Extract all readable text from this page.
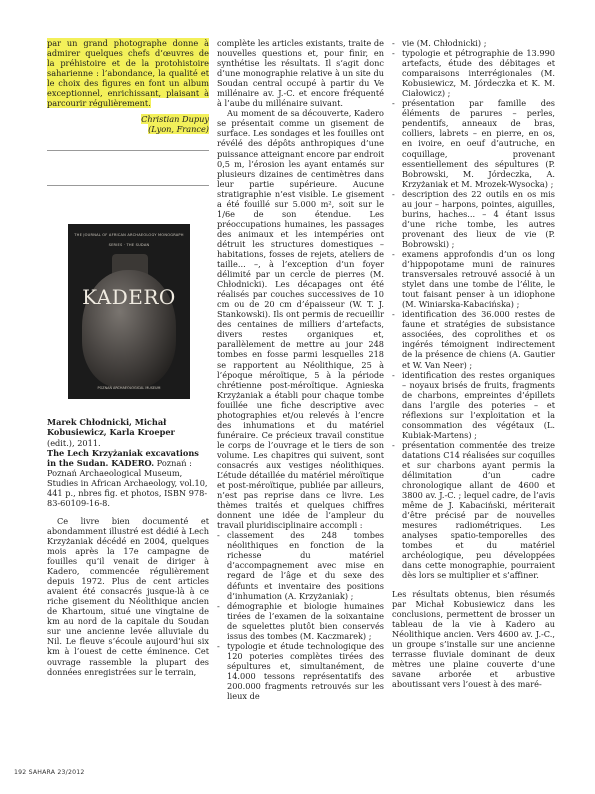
par un grand photographe donne à admirer quelques chefs d’œuvres de la préhistoire et de la protohistoire saharienne : l’abondance, la qualité et le choix des figures en font un album exceptionnel, enrichissant, plaisant à parcourir régulièrement.

Christian Dupuy
(Lyon, France)
THE JOURNAL OF AFRICAN ARCHAEOLOGY MONOGRAPH SERIES · THE SUDAN
KADERO
POZNAŃ ARCHAEOLOGICAL MUSEUM

Marek Chłodnicki, Michał Kobusiewicz, Karla Kroeper
(edit.), 2011.
The Lech Krzyżaniak excavations in the Sudan. KADERO. Poznań : Poznań Archaeological Museum, Studies in African Archaeology, vol.10, 441 p., nbres fig. et photos, ISBN 978-83-60109-16-8.

Ce livre bien documenté et abondamment illustré est dédié à Lech Krzyżaniak décédé en 2004, quelques mois après la 17e campagne de fouilles qu’il venait de diriger à Kadero, commencée régulièrement depuis 1972. Plus de cent articles avaient été consacrés jusque-là à ce riche gisement du Néolithique ancien de Khartoum, situé une vingtaine de km au nord de la capitale du Soudan sur une ancienne levée alluviale du Nil. Le fleuve s’écoule aujourd’hui six km à l’ouest de cette éminence. Cet ouvrage rassemble la plupart des données enregistrées sur le terrain,

complète les articles existants, traite de nouvelles questions et, pour finir, en synthétise les résultats. Il s’agit donc d’une monographie relative à un site du Soudan central occupé à partir du Ve millénaire av. J.-C. et encore fréquenté à l’aube du millénaire suivant.

Au moment de sa découverte, Kadero se présentait comme un gisement de surface. Les sondages et les fouilles ont révélé des dépôts anthropiques d’une puissance atteignant encore par endroit 0,5 m, l’érosion les ayant entamés sur plusieurs dizaines de centimètres dans leur partie supérieure. Aucune stratigraphie n’est visible. Le gisement a été fouillé sur 5.000 m², soit sur le 1/6e de son étendue. Les préoccupations humaines, les passages des animaux et les intempéries ont détruit les structures domestiques – habitations, fosses de rejets, ateliers de taille... –, à l’exception d’un foyer délimité par un cercle de pierres (M. Chłodnicki). Les décapages ont été réalisés par couches successives de 10 cm ou de 20 cm d’épaisseur (W. T. J. Stankowski). Ils ont permis de recueillir des centaines de milliers d’artefacts, divers restes organiques et, parallèlement de mettre au jour 248 tombes en fosse parmi lesquelles 218 se rapportent au Néolithique, 25 à l’époque méroïtique, 5 à la période chrétienne post-méroïtique. Agnieska Krzyżaniak a établi pour chaque tombe fouillée une fiche descriptive avec photographies et/ou relevés à l’encre des inhumations et du matériel funéraire. Ce précieux travail constitue le corps de l’ouvrage et le tiers de son volume. Les chapitres qui suivent, sont consacrés aux vestiges néolithiques. L’étude détaillée du matériel méroïtique et post-méroïtique, publiée par ailleurs, n’est pas reprise dans ce livre. Les thèmes traités et quelques chiffres donnent une idée de l’ampleur du travail pluridisciplinaire accompli :

- classement des 248 tombes néolithiques en fonction de la richesse du matériel d’accompagnement avec mise en regard de l’âge et du sexe des défunts et inventaire des positions d’inhumation (A. Krzyżaniak) ;
- démographie et biologie humaines tirées de l’examen de la soixantaine de squelettes plutôt bien conservés issus des tombes (M. Kaczmarek) ;
- typologie et étude technologique des 120 poteries complètes tirées des sépultures et, simultanément, de 14.000 tessons représentatifs des 200.000 fragments retrouvés sur les lieux de
- vie (M. Chłodnicki) ;
- typologie et pétrographie de 13.990 artefacts, étude des débitages et comparaisons interrégionales (M. Kobusiewicz, M. Jórdeczka et K. M. Ciałowicz) ;
- présentation par famille des éléments de parures – perles, pendentifs, anneaux de bras, colliers, labrets – en pierre, en os, en ivoire, en oeuf d’autruche, en coquillage, provenant essentiellement des sépultures (P. Bobrowski, M. Jórdeczka, A. Krzyżaniak et M. Mrozek-Wysocka) ;
- description des 22 outils en os mis au jour – harpons, pointes, aiguilles, burins, haches... – 4 étant issus d’une riche tombe, les autres provenant des lieux de vie (P. Bobrowski) ;
- examens approfondis d’un os long d’hippopotame muni de rainures transversales retrouvé associé à un stylet dans une tombe de l’élite, le tout faisant penser à un idiophone (M. Winiarska-Kabacińska) ;
- identification des 36.000 restes de faune et stratégies de subsistance associées, des coprolithes et os ingérés témoignent indirectement de la présence de chiens (A. Gautier et W. Van Neer) ;
- identification des restes organiques – noyaux brisés de fruits, fragments de charbons, empreintes d’épillets dans l’argile des poteries – et réflexions sur l’exploitation et la consommation des végétaux (L. Kubiak-Martens) ;
- présentation commentée des treize datations C14 réalisées sur coquilles et sur charbons ayant permis la délimitation d’un cadre chronologique allant de 4600 et 3800 av. J.-C. ; lequel cadre, de l’avis même de J. Kabaciński, mériterait d’être précisé par de nouvelles mesures radiométriques. Les analyses spatio-temporelles des tombes et du matériel archéologique, peu développées dans cette monographie, pourraient dès lors se multiplier et s’affiner.

Les résultats obtenus, bien résumés par Michał Kobusiewicz dans les conclusions, permettent de brosser un tableau de la vie à Kadero au Néolithique ancien. Vers 4600 av. J.-C., un groupe s’installe sur une ancienne terrasse fluviale dominant de deux mètres une plaine couverte d’une savane arborée et arbustive aboutissant vers l’ouest à des maré-

192 SAHARA 23/2012
